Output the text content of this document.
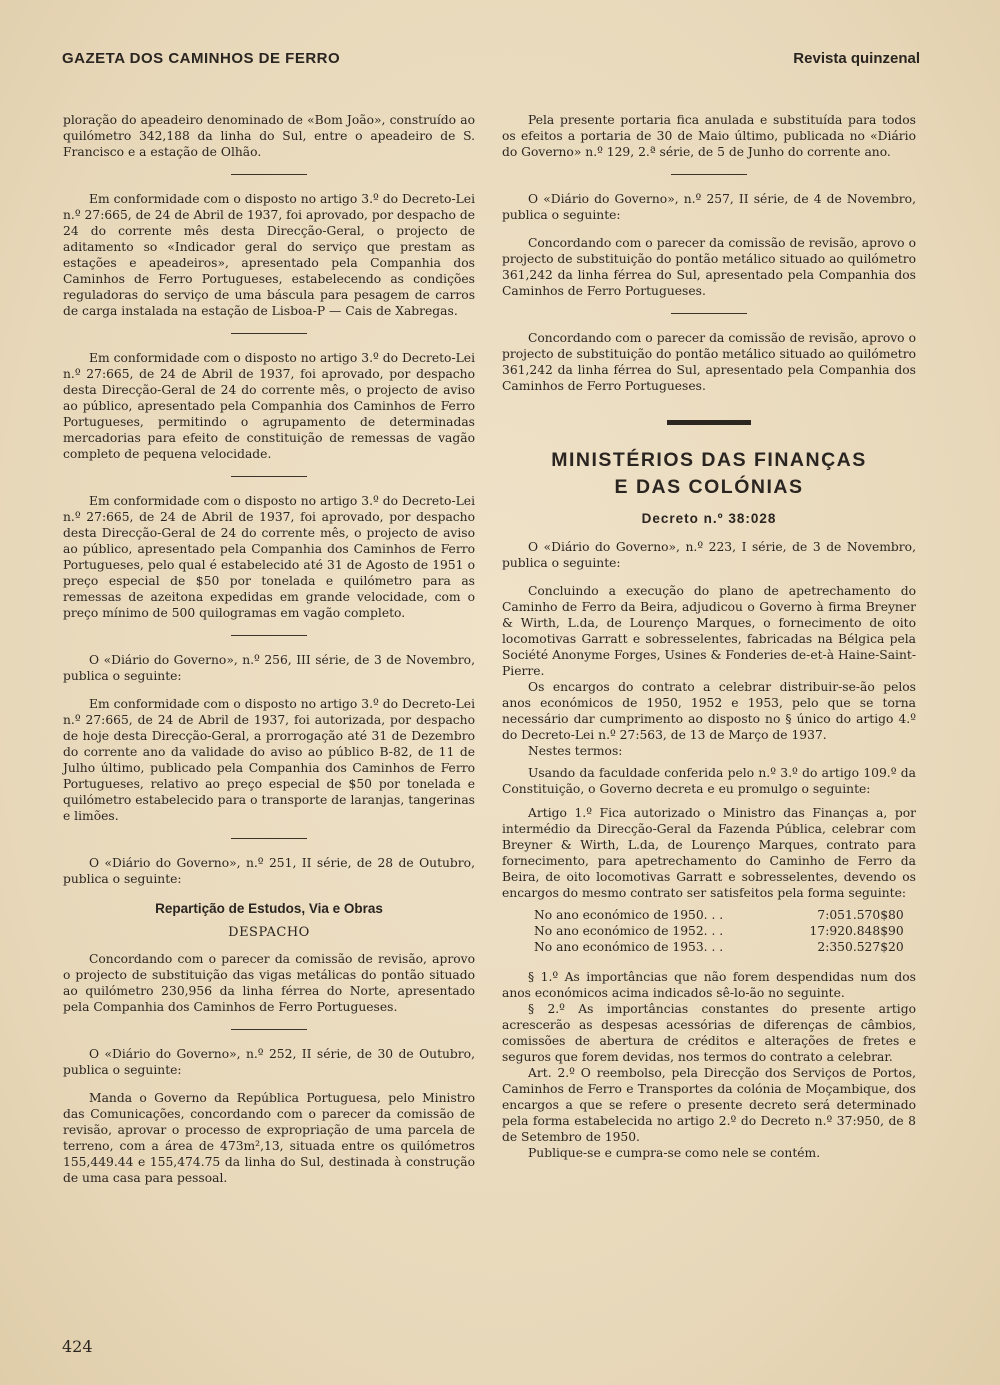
GAZETA DOS CAMINHOS DE FERRO	Revista quinzenal

ploração do apeadeiro denominado de «Bom João», construído ao quilómetro 342,188 da linha do Sul, entre o apeadeiro de S. Francisco e a estação de Olhão.

Em conformidade com o disposto no artigo 3.º do Decreto-Lei n.º 27:665, de 24 de Abril de 1937, foi aprovado, por despacho de 24 do corrente mês desta Direcção-Geral, o projecto de aditamento so «Indicador geral do serviço que prestam as estações e apeadeiros», apresentado pela Companhia dos Caminhos de Ferro Portugueses, estabelecendo as condições reguladoras do serviço de uma báscula para pesagem de carros de carga instalada na estação de Lisboa-P — Cais de Xabregas.

Em conformidade com o disposto no artigo 3.º do Decreto-Lei n.º 27:665, de 24 de Abril de 1937, foi aprovado, por despacho desta Direcção-Geral de 24 do corrente mês, o projecto de aviso ao público, apresentado pela Companhia dos Caminhos de Ferro Portugueses, permitindo o agrupamento de determinadas mercadorias para efeito de constituição de remessas de vagão completo de pequena velocidade.

Em conformidade com o disposto no artigo 3.º do Decreto-Lei n.º 27:665, de 24 de Abril de 1937, foi aprovado, por despacho desta Direcção-Geral de 24 do corrente mês, o projecto de aviso ao público, apresentado pela Companhia dos Caminhos de Ferro Portugueses, pelo qual é estabelecido até 31 de Agosto de 1951 o preço especial de $50 por tonelada e quilómetro para as remessas de azeitona expedidas em grande velocidade, com o preço mínimo de 500 quilogramas em vagão completo.

O «Diário do Governo», n.º 256, III série, de 3 de Novembro, publica o seguinte:

Em conformidade com o disposto no artigo 3.º do Decreto-Lei n.º 27:665, de 24 de Abril de 1937, foi autorizada, por despacho de hoje desta Direcção-Geral, a prorrogação até 31 de Dezembro do corrente ano da validade do aviso ao público B-82, de 11 de Julho último, publicado pela Companhia dos Caminhos de Ferro Portugueses, relativo ao preço especial de $50 por tonelada e quilómetro estabelecido para o transporte de laranjas, tangerinas e limões.

O «Diário do Governo», n.º 251, II série, de 28 de Outubro, publica o seguinte:

Repartição de Estudos, Via e Obras
DESPACHO

Concordando com o parecer da comissão de revisão, aprovo o projecto de substituição das vigas metálicas do pontão situado ao quilómetro 230,956 da linha férrea do Norte, apresentado pela Companhia dos Caminhos de Ferro Portugueses.

O «Diário do Governo», n.º 252, II série, de 30 de Outubro, publica o seguinte:

Manda o Governo da República Portuguesa, pelo Ministro das Comunicações, concordando com o parecer da comissão de revisão, aprovar o processo de expropriação de uma parcela de terreno, com a área de 473m²,13, situada entre os quilómetros 155,449.44 e 155,474.75 da linha do Sul, destinada à construção de uma casa para pessoal.

Pela presente portaria fica anulada e substituída para todos os efeitos a portaria de 30 de Maio último, publicada no «Diário do Governo» n.º 129, 2.ª série, de 5 de Junho do corrente ano.

O «Diário do Governo», n.º 257, II série, de 4 de Novembro, publica o seguinte:

Concordando com o parecer da comissão de revisão, aprovo o projecto de substituição do pontão metálico situado ao quilómetro 361,242 da linha férrea do Sul, apresentado pela Companhia dos Caminhos de Ferro Portugueses.

Concordando com o parecer da comissão de revisão, aprovo o projecto de substituição do pontão metálico situado ao quilómetro 361,242 da linha férrea do Sul, apresentado pela Companhia dos Caminhos de Ferro Portugueses.

MINISTÉRIOS DAS FINANÇAS
E DAS COLÓNIAS
Decreto n.º 38:028

O «Diário do Governo», n.º 223, I série, de 3 de Novembro, publica o seguinte:

Concluindo a execução do plano de apetrechamento do Caminho de Ferro da Beira, adjudicou o Governo à firma Breyner & Wirth, L.da, de Lourenço Marques, o fornecimento de oito locomotivas Garratt e sobresselentes, fabricadas na Bélgica pela Société Anonyme Forges, Usines & Fonderies de-et-à Haine-Saint-Pierre.

Os encargos do contrato a celebrar distribuir-se-ão pelos anos económicos de 1950, 1952 e 1953, pelo que se torna necessário dar cumprimento ao disposto no § único do artigo 4.º do Decreto-Lei n.º 27:563, de 13 de Março de 1937.

Nestes termos:

Usando da faculdade conferida pelo n.º 3.º do artigo 109.º da Constituição, o Governo decreta e eu promulgo o seguinte:

Artigo 1.º Fica autorizado o Ministro das Finanças a, por intermédio da Direcção-Geral da Fazenda Pública, celebrar com Breyner & Wirth, L.da, de Lourenço Marques, contrato para fornecimento, para apetrechamento do Caminho de Ferro da Beira, de oito locomotivas Garratt e sobresselentes, devendo os encargos do mesmo contrato ser satisfeitos pela forma seguinte:

No ano económico de 1950	. . .	7:051.570$80
No ano económico de 1952	. . .	17:920.848$90
No ano económico de 1953	. . .	2:350.527$20

§ 1.º As importâncias que não forem despendidas num dos anos económicos acima indicados sê-lo-ão no seguinte.

§ 2.º As importâncias constantes do presente artigo acrescerão as despesas acessórias de diferenças de câmbios, comissões de abertura de créditos e alterações de fretes e seguros que forem devidas, nos termos do contrato a celebrar.

Art. 2.º O reembolso, pela Direcção dos Serviços de Portos, Caminhos de Ferro e Transportes da colónia de Moçambique, dos encargos a que se refere o presente decreto será determinado pela forma estabelecida no artigo 2.º do Decreto n.º 37:950, de 8 de Setembro de 1950.

Publique-se e cumpra-se como nele se contém.

424
